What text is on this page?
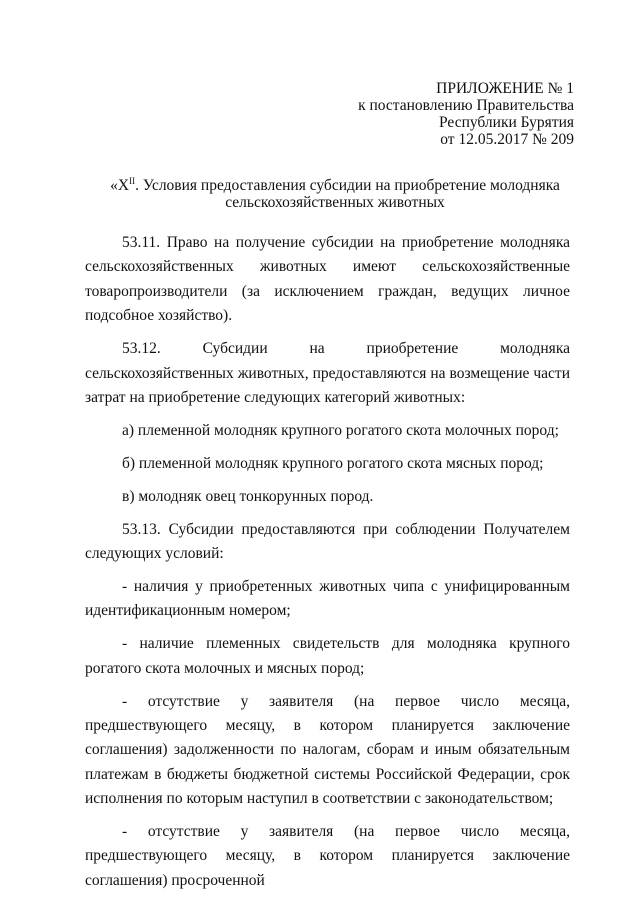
ПРИЛОЖЕНИЕ № 1
к постановлению Правительства
Республики Бурятия
от 12.05.2017 № 209
«$X^{II}$. Условия предоставления субсидии на приобретение молодняка
сельскохозяйственных животных

53.11. Право на получение субсидии на приобретение молодняка сельскохозяйственных животных имеют сельскохозяйственные товаропроизводители (за исключением граждан, ведущих личное подсобное хозяйство).

53.12. Субсидии на приобретение молодняка сельскохозяйственных животных, предоставляются на возмещение части затрат на приобретение следующих категорий животных:

а) племенной молодняк крупного рогатого скота молочных пород;

б) племенной молодняк крупного рогатого скота мясных пород;

в) молодняк овец тонкорунных пород.

53.13. Субсидии предоставляются при соблюдении Получателем следующих условий:

- наличия у приобретенных животных чипа с унифицированным идентификационным номером;

- наличие племенных свидетельств для молодняка крупного рогатого скота молочных и мясных пород;

- отсутствие у заявителя (на первое число месяца, предшествующего месяцу, в котором планируется заключение соглашения) задолженности по налогам, сборам и иным обязательным платежам в бюджеты бюджетной системы Российской Федерации, срок исполнения по которым наступил в соответствии с законодательством;

- отсутствие у заявителя (на первое число месяца, предшествующего месяцу, в котором планируется заключение соглашения) просроченной
